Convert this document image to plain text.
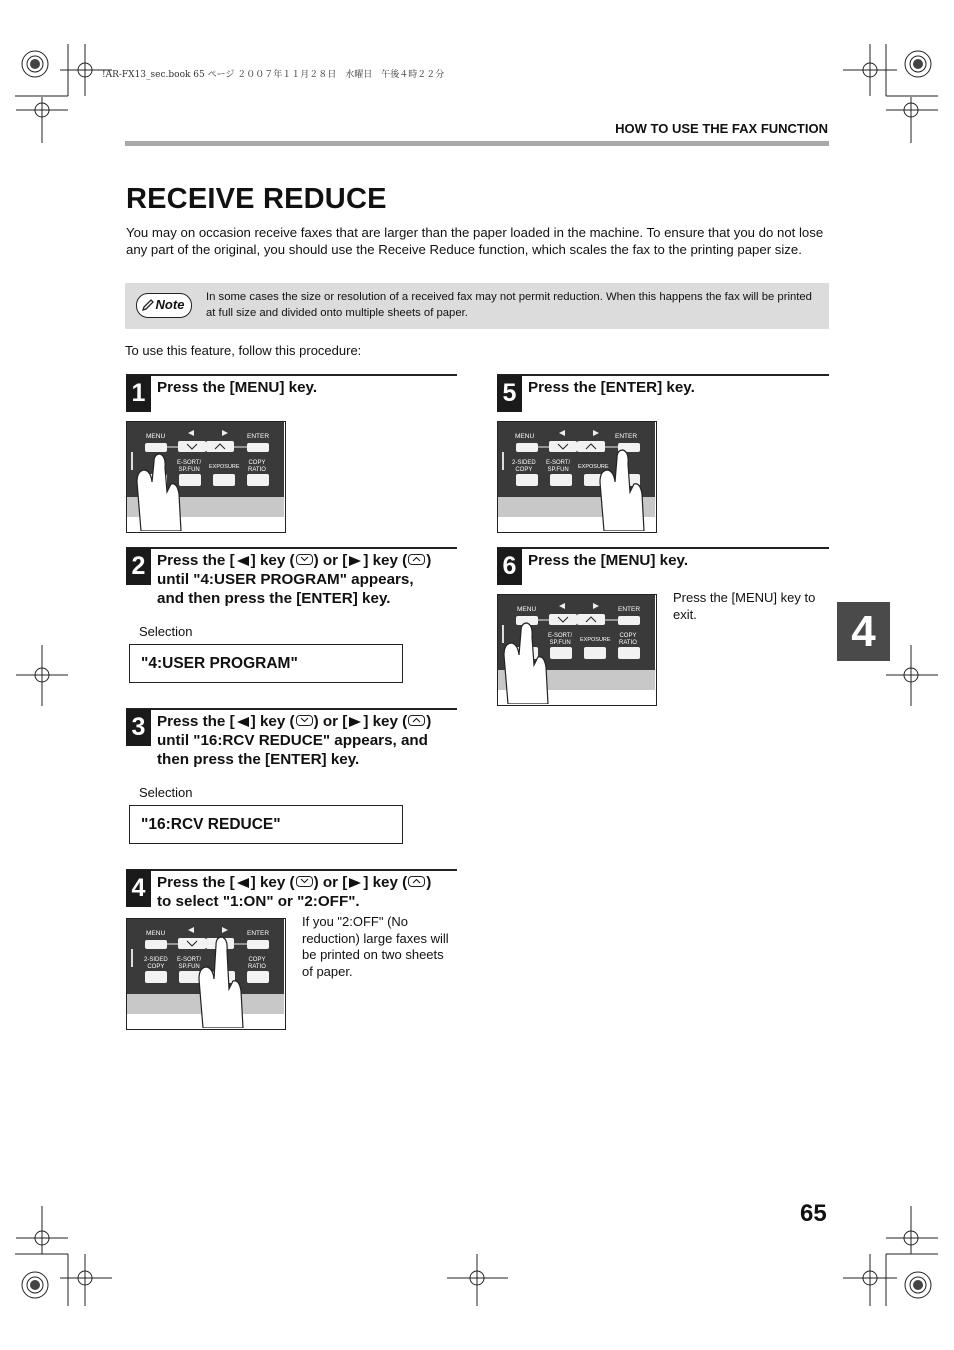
!AR-FX13_sec.book 65 ページ ２００７年１１月２８日　水曜日　午後４時２２分
HOW TO USE THE FAX FUNCTION
RECEIVE REDUCE
You may on occasion receive faxes that are larger than the paper loaded in the machine. To ensure that you do not lose any part of the original, you should use the Receive Reduce function, which scales the fax to the printing paper size.
Note	In some cases the size or resolution of a received fax may not permit reduction. When this happens the fax will be printed at full size and divided onto multiple sheets of paper.
To use this feature, follow this procedure:
1 Press the [MENU] key.
MENU	ENTER
E-SORT/
SP.FUN EXPOSURE
COPY
RATIO
2 Press the [ ] key ( ) or [ ] key ( )
until "4:USER PROGRAM" appears,
and then press the [ENTER] key.
Selection
"4:USER PROGRAM"
3 Press the [ ] key ( ) or [ ] key ( )
until "16:RCV REDUCE" appears, and
then press the [ENTER] key.
Selection
"16:RCV REDUCE"
4 Press the [ ] key ( ) or [ ] key ( )
to select "1:ON" or "2:OFF".
MENU	ENTER
2-SIDED
COPY
E-SORT/
SP.FUN
COPY
RATIO
If you "2:OFF" (No reduction) large faxes will be printed on two sheets of paper.
5 Press the [ENTER] key.
MENU	ENTER
2-SIDED
COPY
E-SORT/
SP.FUN EXPOSURE
6 Press the [MENU] key.
MENU	ENTER
E-SORT/
SP.FUN EXPOSURE
COPY
RATIO
Press the [MENU] key to exit.	4
65
